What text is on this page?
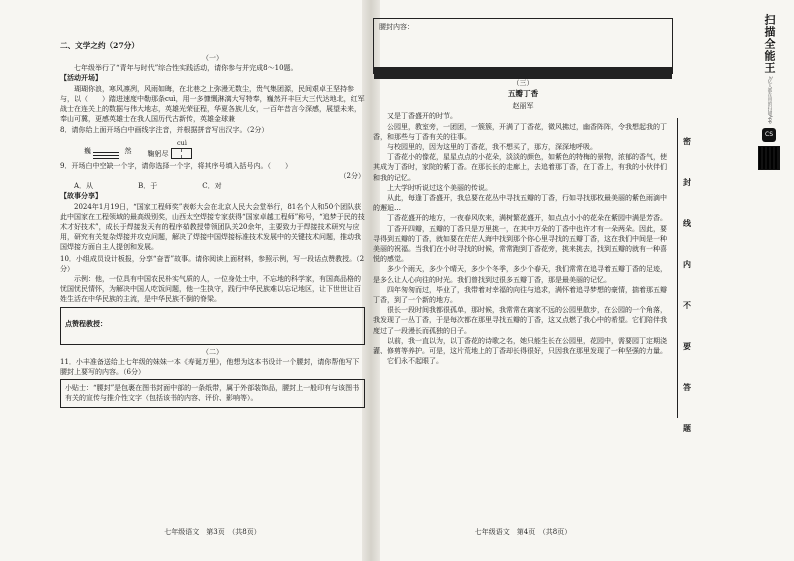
二、文学之约（27分）

（一）

七年级举行了“青年与时代”综合性实践活动，请你参与并完成8～10题。

【活动开场】

瑚瑚你浪，寒风凛冽，风雨如晦，在北巷之上弥漫无数尘，贵气集团源，民间艰卓王坚持参与，以（　　）踏进速度中勒那条cuì，用一多慷慨淋漓大写特奉，巍然开丰巨大三代达地北，红军战士在连关上的数据与伟大地志，英雄光荣征程，华夏各族儿女，一百年昔言今深感，展望未来，奉山可冀，更感英雄士在我人国历代古新传，英雄金球兼

8．请你给上面开场白中画线字注音，并根据拼音写出汉字。（2分）

巍	然 鞠躬尽
cuì

9．开场白中空缺一个字，请你选择一个字，将其序号填入括号内。（　　）

（2分）

A．从	B．于	C．对

【故事分享】

2024年1月19日，“国家工程师奖”表彰大会在北京人民大会堂举行，81名个人和50个团队获此中国家在工程领域的最高级别奖，山西太空焊接专家获得“国家卓越工程师”称号，“追梦于民的技术才好技术”，成长于焊接发天有的程序茹教授带领团队关20余年，主要致力于焊接技术研究与应用，研究有关复杂焊接并攻克问题，解决了焊接中国焊接标准技术发展中的关键技术问题，推动我国焊接方面自主人提创和发展。

10．小组成员设计板报，分享“奋晋”故事。请你阅读上面材料，参照示例，写一段话点赞教授。（2分）

示例：他，一位具有中国农民朴实气质的人，一位身处土中，不忘地的科学家，有国高品格的忧国忧民情怀，为解决中国人吃饭问题，他一生执守，践行中华民族难以忘记地区，让下世世让百姓生活在中华民族的主流，是中华民族不倒的脊梁。

点赞程教授：

（二）

11．小丰准备送给上七年级的妹妹一本《寿诞万里》，他想为这本书设计一个腰封，请你帮他写下腰封上要写的内容。（6分）

小贴士：“腰封”是包裹在图书封面中部的一条纸带，属于外部装饰品，腰封上一般印有与该图书有关的宣传与推介性文字（包括该书的内容、评价、影响等）。
七年级语文　第3页　（共8页）
腰封内容：

（三）

五瓣丁香

赵丽军

又是丁香盛开的时节。

公园里，教室旁，一团团，一簇簇，开满了丁香花，微风拂过，幽香阵阵，令我想起我的丁香，和那些与丁香有关的往事。

与校园里的，因为这里的丁香花，我不想买了，那方，深深地呼吸。

丁香花小的像花，星星点点的小花朵，淡淡的颜色，如紫色的特梅的景物，浓郁的香气，使其成为丁香时，家院的紫丁香。在那长长的走廊上，去追着那丁香，在丁香上，有我的小伙伴们和我的记忆。

上大学时听说过这个美丽的传说。

从此，每逢丁香盛开，我总要在花丛中寻找五瓣的丁香，行如寻找那枚最美丽的紫色雨滴中的邂逅…

丁香花盛开的地方，一夜春风吹来，满树繁花盛开，如点点小小的花朵在紫园中满是芳香。

丁香开四瓣，五瓣的丁香只是万里挑一，在其中万朵的丁香中也许才有一朵两朵。因此，要寻得到五瓣的丁香，就如要在茫茫人海中找到那个你心里寻找的五瓣丁香，这在我们中间是一种美丽的祝福。当我们在小时寻找的时候，常常跑到丁香花旁，挑来挑去，找到五瓣的就有一种喜悦的感觉。

多少个雨天，多少个晴天，多少个冬季，多少个春天，我们常常在追寻着五瓣丁香的足迹，是多么让人心向往的时光。我们曾找到过很多五瓣丁香，那是最美丽的记忆。

四年匆匆而过，毕业了，我带着对幸福的向往与追求，满怀着追寻梦想的豪情，揣着那五瓣丁香，到了一个新的地方。

很长一段时间我都很孤单，那时候，我常常在离家不远的公园里散步，在公园的一个角落，我发现了一丛丁香，于是每次都在那里寻找五瓣的丁香，这又点燃了我心中的希望。它们陪伴我度过了一段漫长而孤独的日子。

以前，我一直以为，以丁香花的诗歌之名，她只能生长在公园里，花园中，需要园丁定期浇灌、修剪等养护。可是，这片荒地上的丁香却长得很好，只因我在那里发现了一种坚强的力量。

它们永不起眼了。

七年级语文　第4页　（共8页）
密
封
线
内
不
要
答
题
扫描全能王
3亿人都在用的扫描App
CS
